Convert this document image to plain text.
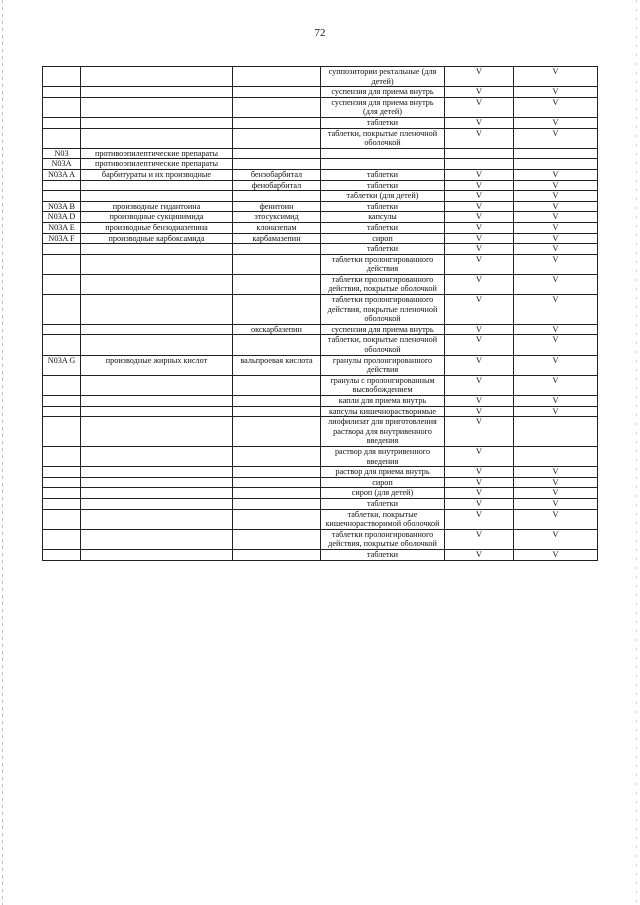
72
			суппозитории ректальные (для детей)	V	V
			суспензия для приема внутрь	V	V
			суспензия для приема внутрь (для детей)	V	V
			таблетки	V	V
			таблетки, покрытые пленочной оболочкой	V	V
N03	противоэпилептические препараты				
N03A	противоэпилептические препараты				
N03A A	барбитураты и их производные	бензобарбитал	таблетки	V	V
		фенобарбитал	таблетки	V	V
			таблетки (для детей)	V	V
N03A B	производные гидантоина	фенитоин	таблетки	V	V
N03A D	производные сукцинимида	этосуксимид	капсулы	V	V
N03A E	производные бензодиазепина	клоназепам	таблетки	V	V
N03A F	производные карбоксамида	карбамазепин	сироп	V	V
			таблетки	V	V
			таблетки пролонгированного действия	V	V
			таблетки пролонгированного действия, покрытые оболочкой	V	V
			таблетки пролонгированного действия, покрытые пленочной оболочкой	V	V
		окскарбазепин	суспензия для приема внутрь	V	V
			таблетки, покрытые пленочной оболочкой	V	V
N03A G	производные жирных кислот	вальпроевая кислота	гранулы пролонгированного действия	V	V
			гранулы с пролонгированным высвобождением	V	V
			капли для приема внутрь	V	V
			капсулы кишечнорастворимые	V	V
			лиофилизат для приготовления раствора для внутривенного введения	V	
			раствор для внутривенного введения	V	
			раствор для приема внутрь	V	V
			сироп	V	V
			сироп (для детей)	V	V
			таблетки	V	V
			таблетки, покрытые кишечнорастворимой оболочкой	V	V
			таблетки пролонгированного действия, покрытые оболочкой	V	V
			таблетки	V	V
